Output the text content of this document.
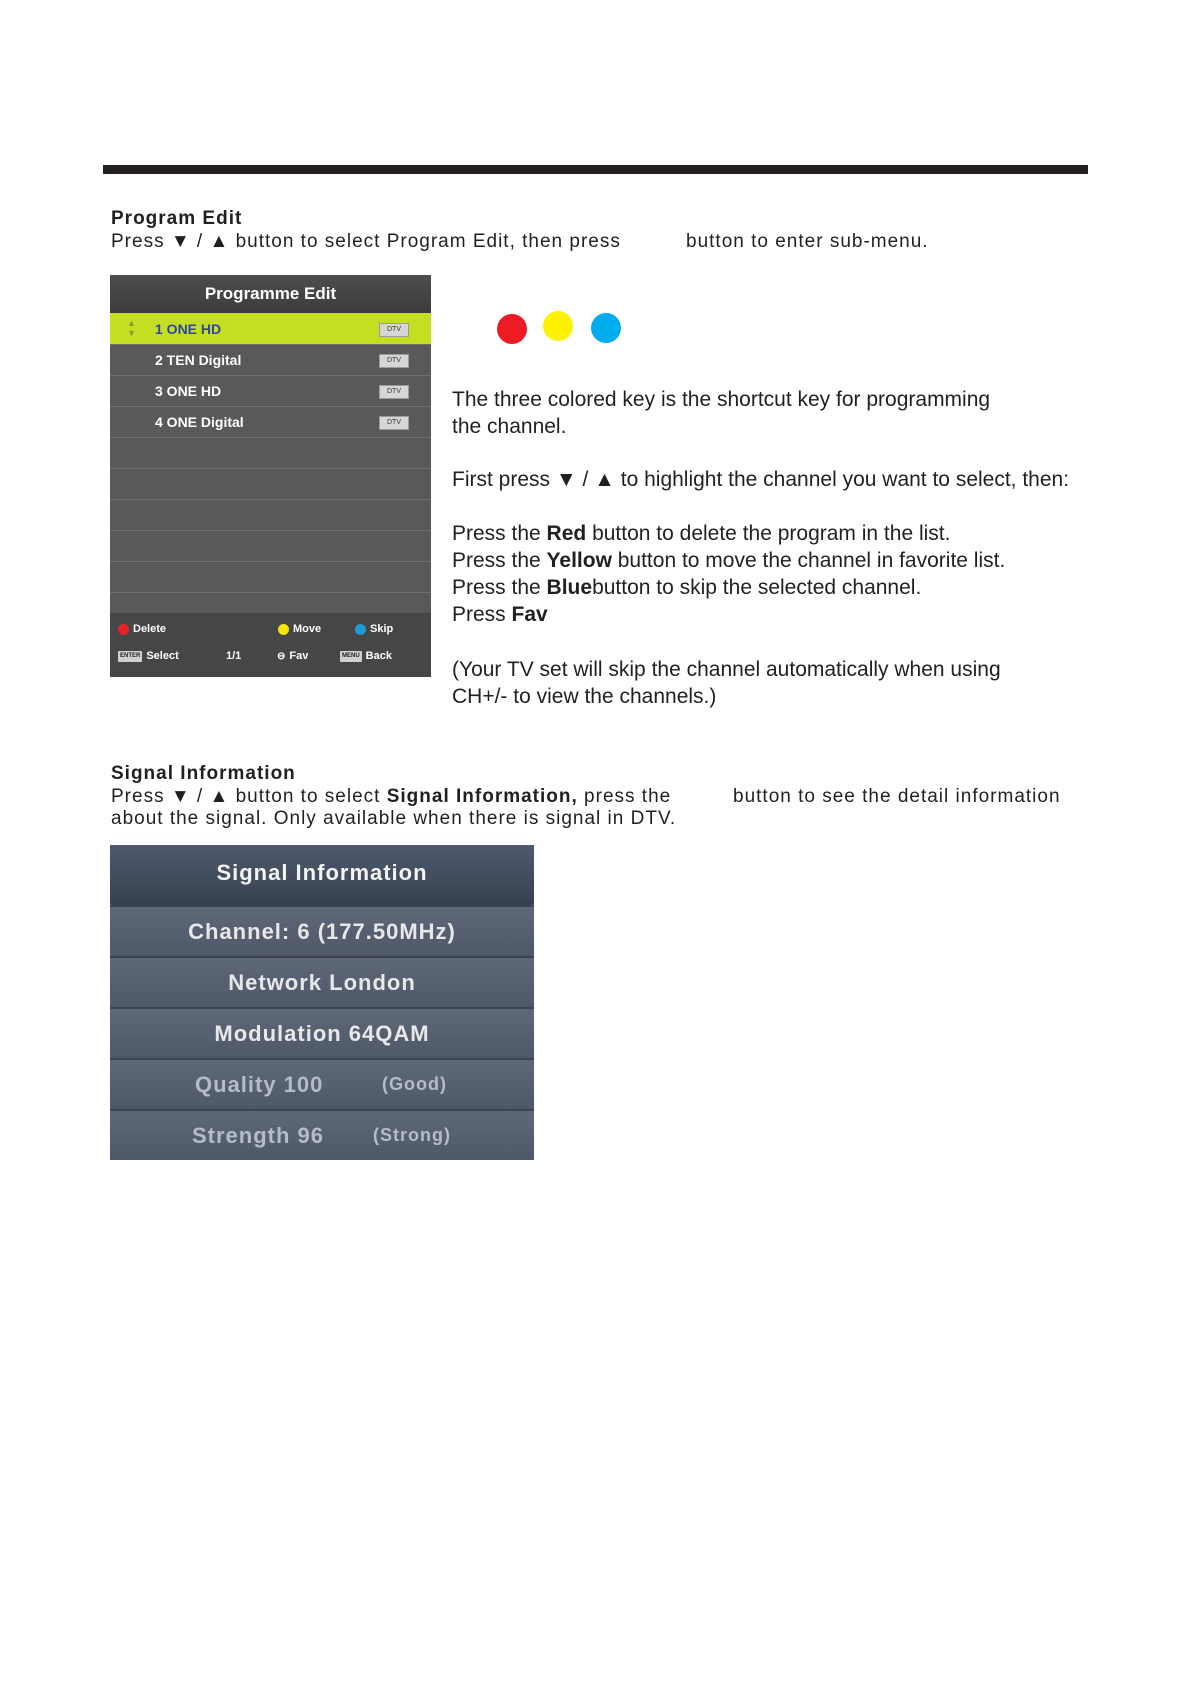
Program Edit
Press ▼ / ▲ button to select Program Edit, then press	button to enter sub-menu.
Programme Edit
▲
▼ 1 ONE HD	DTV
2 TEN Digital	DTV
3 ONE HD	DTV
4 ONE Digital	DTV
Delete	Move	Skip
ENTER Select	1/1	⊖ Fav	MENU Back
The three colored key is the shortcut key for programming
the channel.
First press ▼ / ▲ to highlight the channel you want to select, then:
Press the Red button to delete the program in the list.
Press the Yellow button to move the channel in favorite list.
Press the Bluebutton to skip the selected channel.
Press Fav
(Your TV set will skip the channel automatically when using
CH+/- to view the channels.)
Signal Information
Press ▼ / ▲ button to select Signal Information, press the	button to see the detail information
about the signal. Only available when there is signal in DTV.
Signal Information
Channel: 6 (177.50MHz)
Network London
Modulation 64QAM
Quality 100	(Good)
Strength 96	(Strong)
